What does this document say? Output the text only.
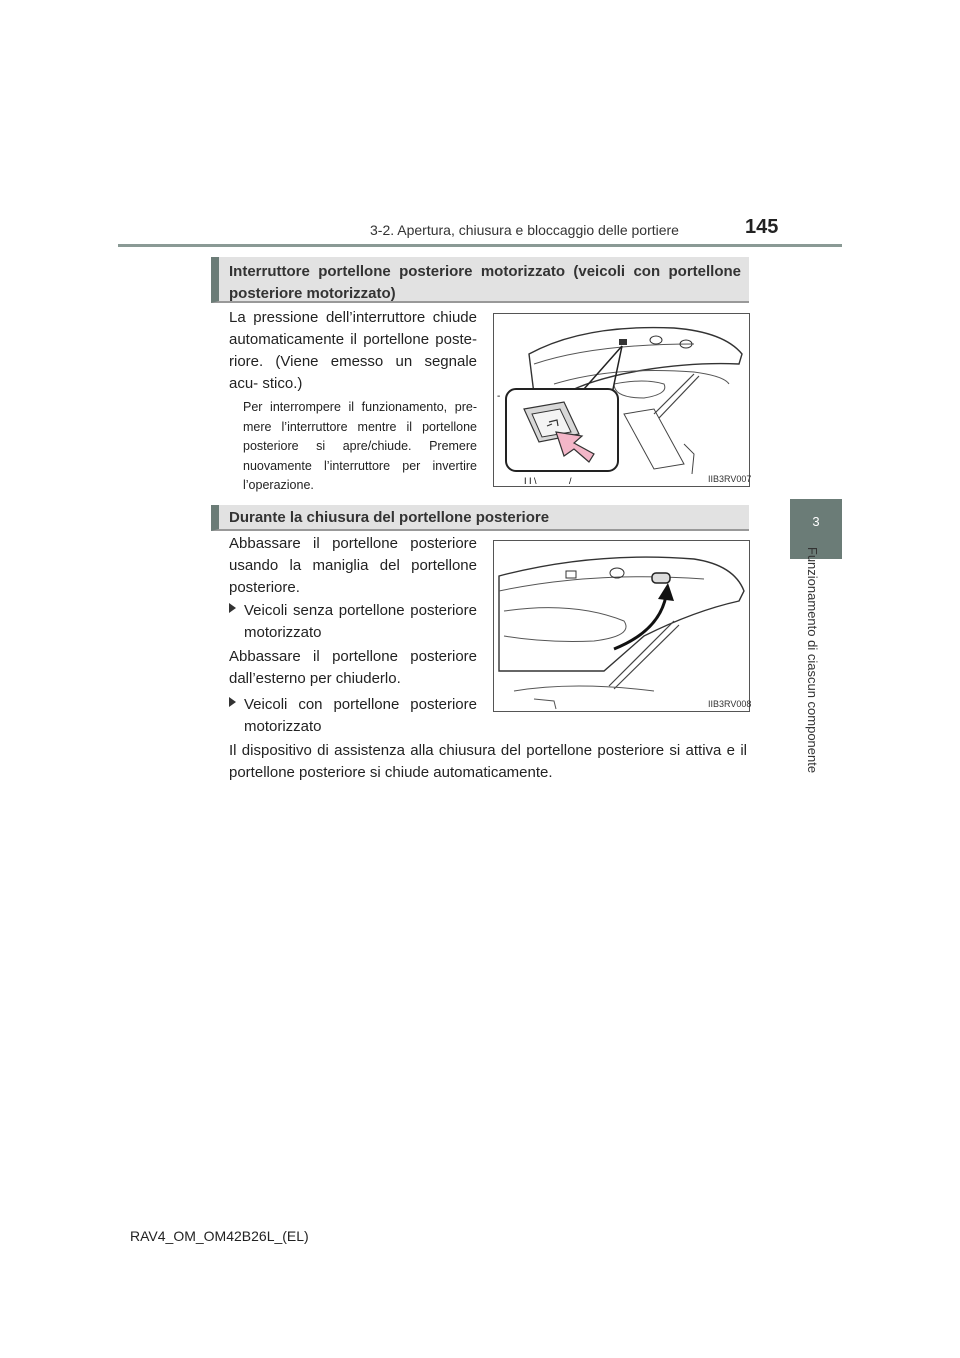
3-2. Apertura, chiusura e bloccaggio delle portiere	145
3
Funzionamento di ciascun componente
Interruttore portellone posteriore motorizzato (veicoli con portellone posteriore motorizzato)
La pressione dell’interruttore chiude automaticamente il portellone poste- riore. (Viene emesso un segnale acu- stico.)
Per interrompere il funzionamento, pre- mere l’interruttore mentre il portellone posteriore si apre/chiude. Premere nuovamente l’interruttore per invertire l’operazione.
-
I I \	/	IIB3RV007
Durante la chiusura del portellone posteriore
Abbassare il portellone posteriore usando la maniglia del portellone posteriore.
Veicoli senza portellone posteriore motorizzato
Abbassare il portellone posteriore dall’esterno per chiuderlo.
Veicoli con portellone posteriore motorizzato
Il dispositivo di assistenza alla chiusura del portellone posteriore si attiva e il portellone posteriore si chiude automaticamente.
IIB3RV008
RAV4_OM_OM42B26L_(EL)
